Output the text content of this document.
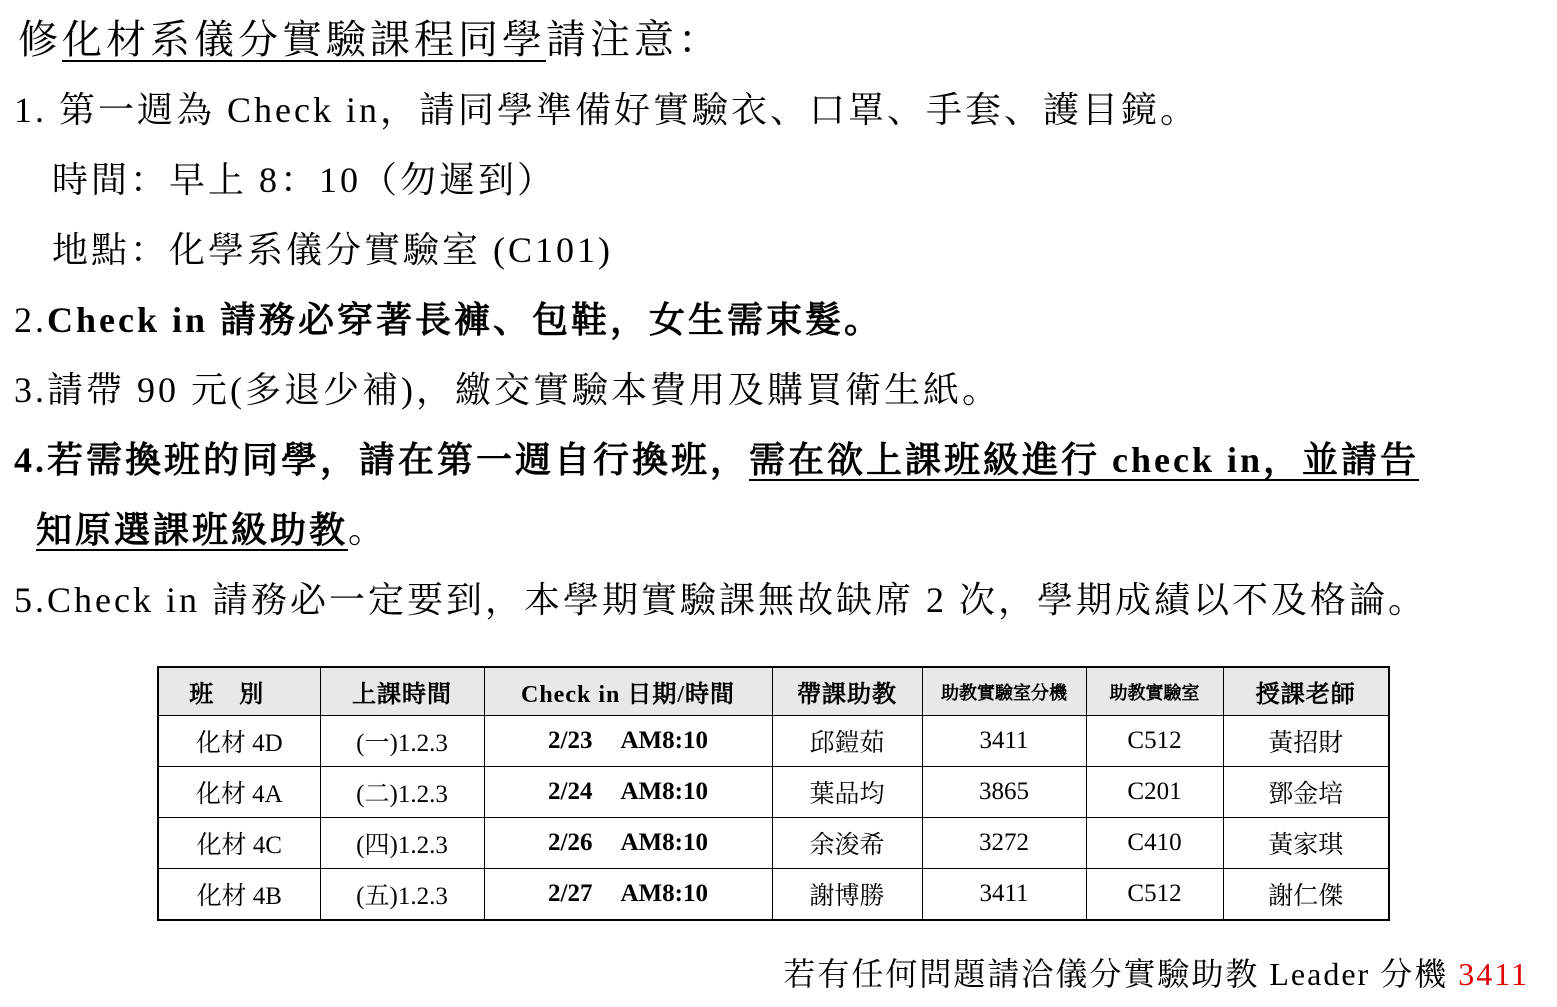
修化材系儀分實驗課程同學請注意：
1. 第一週為 Check in，請同學準備好實驗衣、口罩、手套、護目鏡。
時間：早上 8：10（勿遲到）
地點：化學系儀分實驗室 (C101)
2.Check in 請務必穿著長褲、包鞋，女生需束髮。
3.請帶 90 元(多退少補)，繳交實驗本費用及購買衛生紙。
4.若需換班的同學，請在第一週自行換班，需在欲上課班級進行 check in，並請告
知原選課班級助教。
5.Check in 請務必一定要到，本學期實驗課無故缺席 2 次，學期成績以不及格論。
班別	上課時間	Check in 日期/時間	帶課助教	助教實驗室分機	助教實驗室	授課老師
化材 4D	(一)1.2.3	2/23 AM8:10	邱鎧茹	3411	C512	黃招財
化材 4A	(二)1.2.3	2/24 AM8:10	葉品均	3865	C201	鄧金培
化材 4C	(四)1.2.3	2/26 AM8:10	余浚希	3272	C410	黃家琪
化材 4B	(五)1.2.3	2/27 AM8:10	謝博勝	3411	C512	謝仁傑
若有任何問題請洽儀分實驗助教 Leader 分機 3411
